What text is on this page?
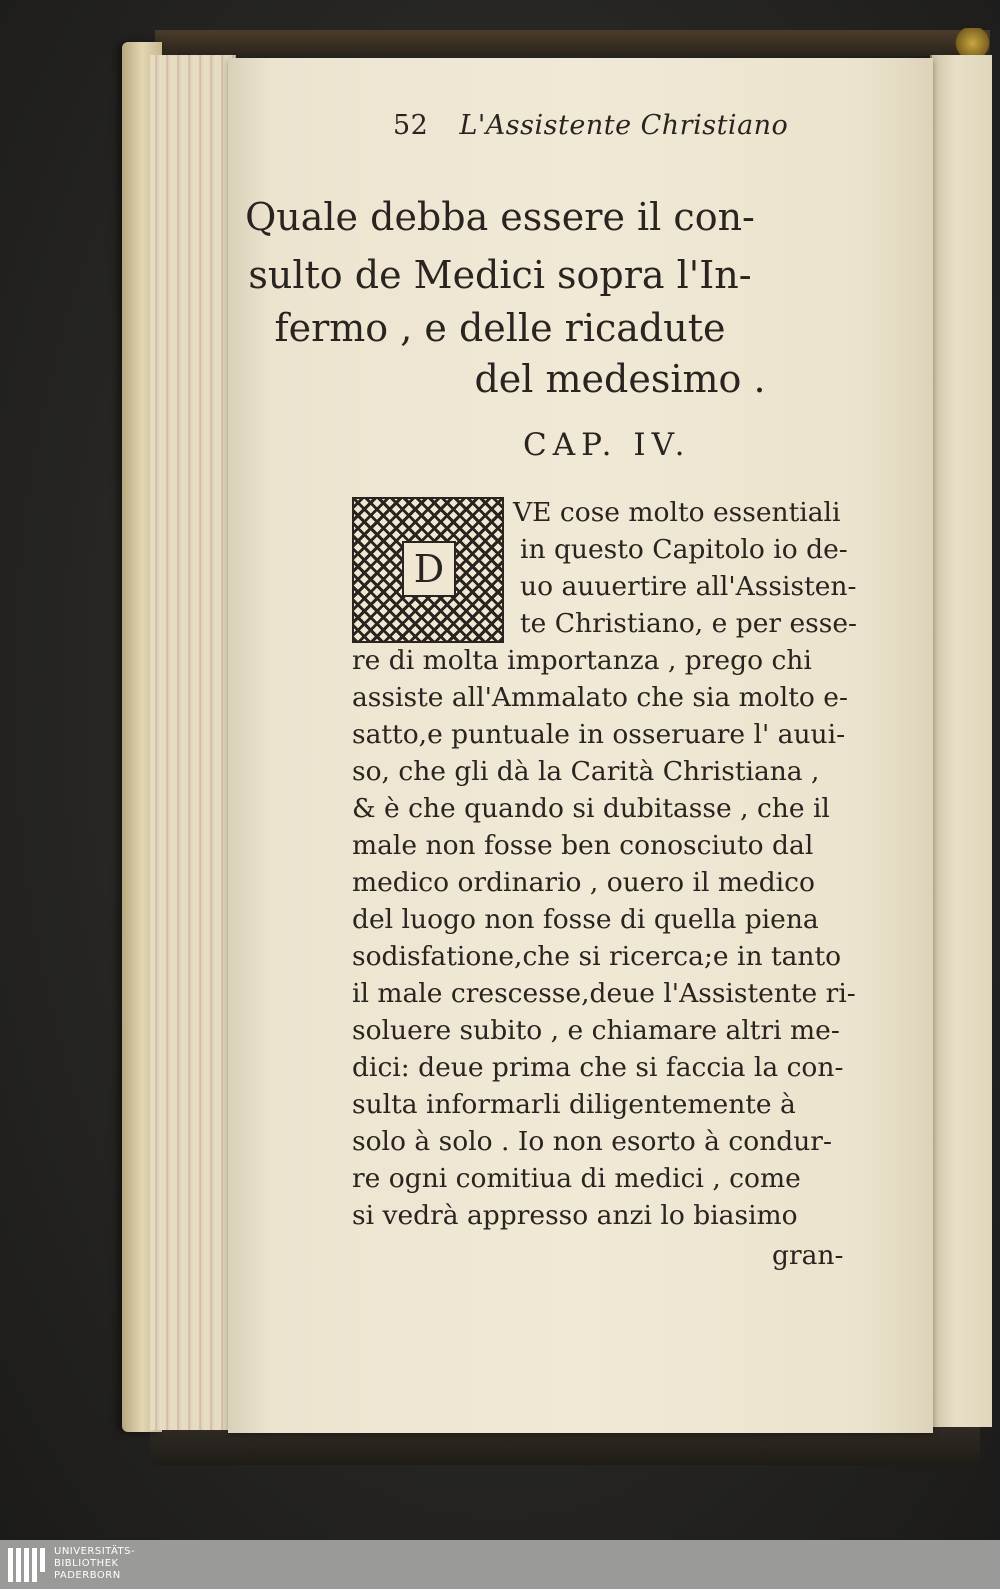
52 L'Assistente Christiano
Quale debba essere il con-
sulto de Medici sopra l'In-
fermo , e delle ricadute
del medesimo .
CAP. IV.
D
VE cose molto essentiali
in questo Capitolo io de-
uo auuertire all'Assisten-
te Christiano, e per esse-
re di molta importanza , prego chi
assiste all'Ammalato che sia molto e-
satto,e puntuale in osseruare l' auui-
so, che gli dà la Carità Christiana ,
& è che quando si dubitasse , che il
male non fosse ben conosciuto dal
medico ordinario , ouero il medico
del luogo non fosse di quella piena
sodisfatione,che si ricerca;e in tanto
il male crescesse,deue l'Assistente ri-
soluere subito , e chiamare altri me-
dici: deue prima che si faccia la con-
sulta informarli diligentemente à
solo à solo . Io non esorto à condur-
re ogni comitiua di medici , come
si vedrà appresso anzi lo biasimo
gran-
UNIVERSITÄTS-
BIBLIOTHEK
PADERBORN
